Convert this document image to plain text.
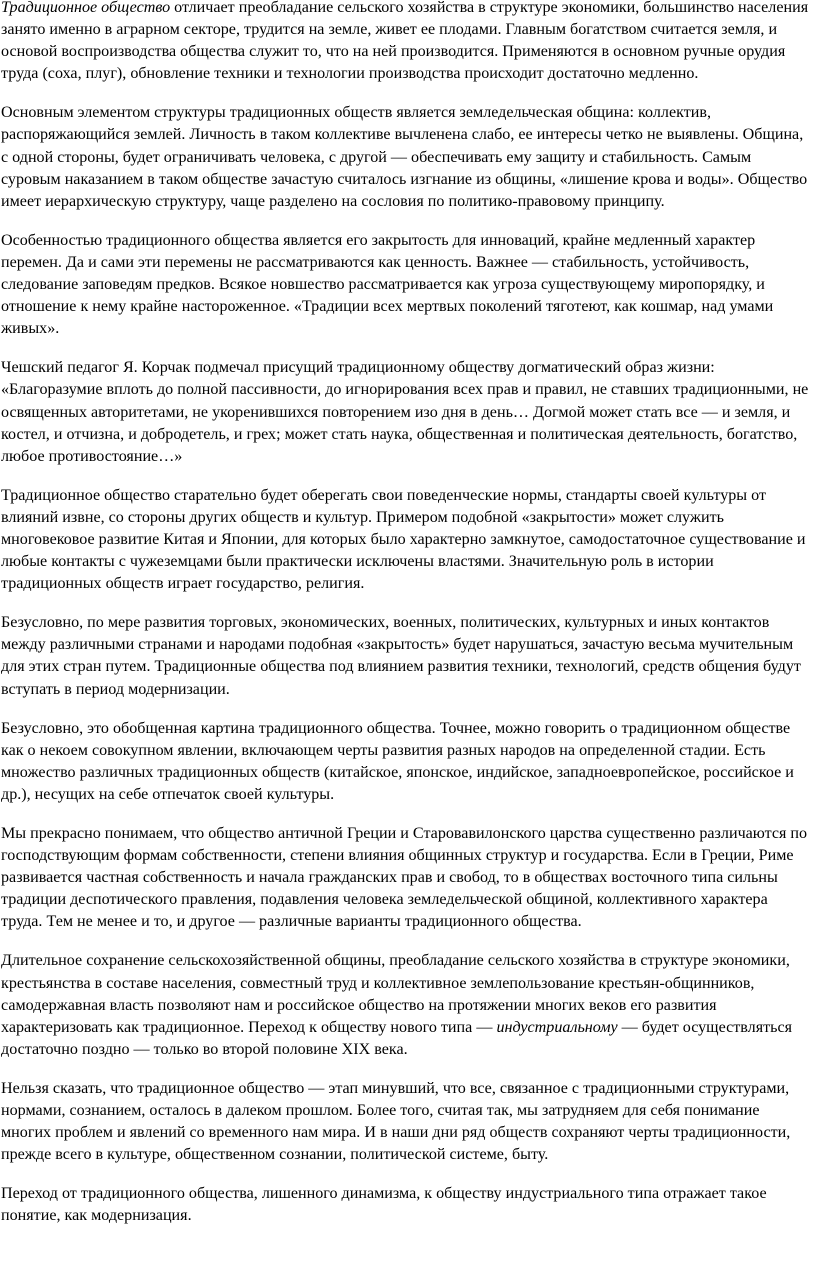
Традиционное общество отличает преобладание сельского хозяйства в структуре экономики, большинство населения занято именно в аграрном секторе, трудится на земле, живет ее плодами. Главным богатством считается земля, и основой воспроизводства общества служит то, что на ней производится. Применяются в основном ручные орудия труда (соха, плуг), обновление техники и технологии производства происходит достаточно медленно.

Основным элементом структуры традиционных обществ является земледельческая община: коллектив, распоряжающийся землей. Личность в таком коллективе вычленена слабо, ее интересы четко не выявлены. Община, с одной стороны, будет ограничивать человека, с другой — обеспечивать ему защиту и стабильность. Самым суровым наказанием в таком обществе зачастую считалось изгнание из общины, «лишение крова и воды». Общество имеет иерархическую структуру, чаще разделено на сословия по политико-правовому принципу.

Особенностью традиционного общества является его закрытость для инноваций, крайне медленный характер перемен. Да и сами эти перемены не рассматриваются как ценность. Важнее — стабильность, устойчивость, следование заповедям предков. Всякое новшество рассматривается как угроза существующему миропорядку, и отношение к нему крайне настороженное. «Традиции всех мертвых поколений тяготеют, как кошмар, над умами живых».

Чешский педагог Я. Корчак подмечал присущий традиционному обществу догматический образ жизни: «Благоразумие вплоть до полной пассивности, до игнорирования всех прав и правил, не ставших традиционными, не освященных авторитетами, не укоренившихся повторением изо дня в день… Догмой может стать все — и земля, и костел, и отчизна, и добродетель, и грех; может стать наука, общественная и политическая деятельность, богатство, любое противостояние…»

Традиционное общество старательно будет оберегать свои поведенческие нормы, стандарты своей культуры от влияний извне, со стороны других обществ и культур. Примером подобной «закрытости» может служить многовековое развитие Китая и Японии, для которых было характерно замкнутое, самодостаточное существование и любые контакты с чужеземцами были практически исключены властями. Значительную роль в истории традиционных обществ играет государство, религия.

Безусловно, по мере развития торговых, экономических, военных, политических, культурных и иных контактов между различными странами и народами подобная «закрытость» будет нарушаться, зачастую весьма мучительным для этих стран путем. Традиционные общества под влиянием развития техники, технологий, средств общения будут вступать в период модернизации.

Безусловно, это обобщенная картина традиционного общества. Точнее, можно говорить о традиционном обществе как о некоем совокупном явлении, включающем черты развития разных народов на определенной стадии. Есть множество различных традиционных обществ (китайское, японское, индийское, западноевропейское, российское и др.), несущих на себе отпечаток своей культуры.

Мы прекрасно понимаем, что общество античной Греции и Старовавилонского царства существенно различаются по господствующим формам собственности, степени влияния общинных структур и государства. Если в Греции, Риме развивается частная собственность и начала гражданских прав и свобод, то в обществах восточного типа сильны традиции деспотического правления, подавления человека земледельческой общиной, коллективного характера труда. Тем не менее и то, и другое — различные варианты традиционного общества.

Длительное сохранение сельскохозяйственной общины, преобладание сельского хозяйства в структуре экономики, крестьянства в составе населения, совместный труд и коллективное землепользование крестьян-общинников, самодержавная власть позволяют нам и российское общество на протяжении многих веков его развития характеризовать как традиционное. Переход к обществу нового типа — индустриальному — будет осуществляться достаточно поздно — только во второй половине XIX века.

Нельзя сказать, что традиционное общество — этап минувший, что все, связанное с традиционными структурами, нормами, сознанием, осталось в далеком прошлом. Более того, считая так, мы затрудняем для себя понимание многих проблем и явлений со временного нам мира. И в наши дни ряд обществ сохраняют черты традиционности, прежде всего в культуре, общественном сознании, политической системе, быту.

Переход от традиционного общества, лишенного динамизма, к обществу индустриального типа отражает такое понятие, как модернизация.
